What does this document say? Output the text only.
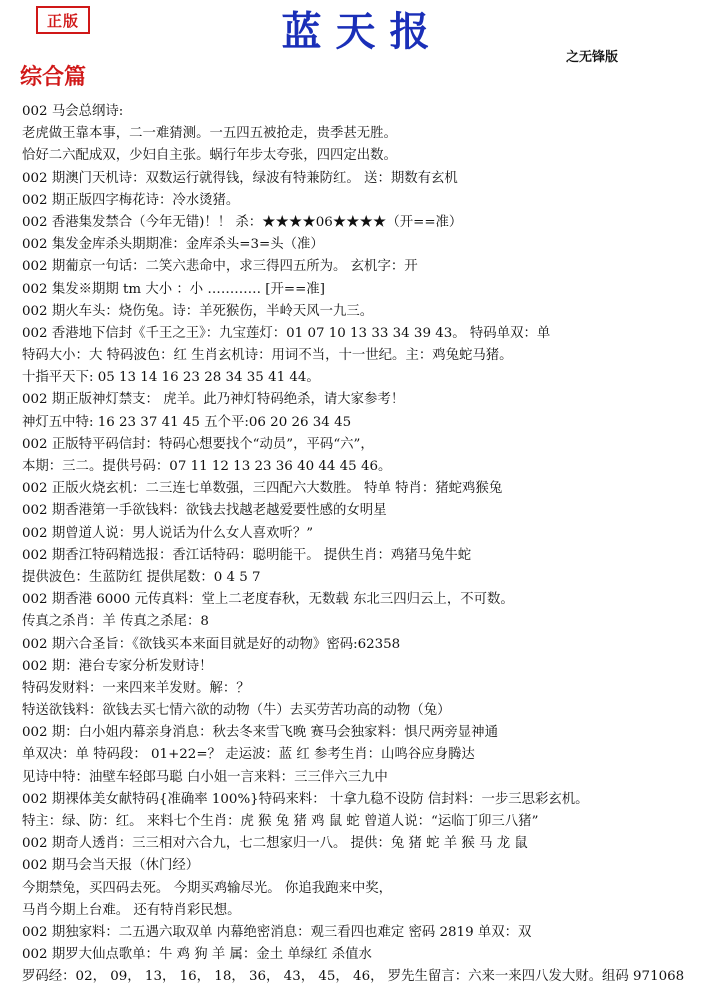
正版	蓝天报
之无锋版
综合篇
002 马会总纲诗:
老虎做王靠本事，二一难猜测。一五四五被抢走，贵季甚无胜。
恰好二六配成双，少妇自主张。蜗行年步太夸张，四四定出数。
002 期澳门天机诗：双数运行就得钱，绿波有特兼防红。 送：期数有玄机
002 期正版四字梅花诗：冷水烫猪。
002 香港集发禁合（今年无错)！！ 杀：★★★★06★★★★（开==准）
002 集发金库杀头期期准：金库杀头=3=头（准）
002 期葡京一句话：二笑六悲命中，求三得四五所为。 玄机字：开
002 集发※期期 tm 大小 ：小 ………… [开==准]
002 期火车头：烧伤兔。诗：羊死猴伤，半岭天风一九三。
002 香港地下信封《千王之王》：九宝莲灯：01 07 10 13 33 34 39 43。 特码单双：单
特码大小：大 特码波色：红 生肖玄机诗：用词不当，十一世纪。主：鸡兔蛇马猪。
十指平天下: 05 13 14 16 23 28 34 35 41 44。
002 期正版神灯禁支： 虎羊。此乃神灯特码绝杀，请大家参考！
神灯五中特: 16 23 37 41 45 五个平:06 20 26 34 45
002 正版特平码信封：特码心想要找个“动员”，平码“六”，
本期：三二。提供号码：07 11 12 13 23 36 40 44 45 46。
002 正版火烧玄机：二三连七单数强，三四配六大数胜。 特单 特肖：猪蛇鸡猴兔
002 期香港第一手欲钱料：欲钱去找越老越爱要性感的女明星
002 期曾道人说：男人说话为什么女人喜欢听？”
002 期香江特码精选报：香江话特码：聪明能干。 提供生肖：鸡猪马兔牛蛇
提供波色：生蓝防红 提供尾数：0 4 5 7
002 期香港 6000 元传真料：堂上二老度春秋，无数载 东北三四归云上，不可数。
传真之杀肖：羊 传真之杀尾：8
002 期六合圣旨：《欲钱买本来面目就是好的动物》密码:62358
002 期：港台专家分析发财诗！
特码发财料：一来四来羊发财。解：？
特送欲钱料：欲钱去买七情六欲的动物（牛）去买劳苦功高的动物（兔）
002 期：白小姐内幕亲身消息：秋去冬来雪飞晚 赛马会独家料：惧尺两旁显神通
单双决：单 特码段： 01+22=？ 走运波：蓝 红 参考生肖：山鸣谷应身腾达
见诗中特：油壁车轻郎马聪 白小姐一言来料：三三伴六三九中
002 期裸体美女献特码{准确率 100%}特码来料： 十拿九稳不设防 信封料：一步三思彩玄机。
特主：绿、防：红。 来料七个生肖：虎 猴 兔 猪 鸡 鼠 蛇 曾道人说：“运临丁卯三八猪”
002 期奇人透肖：三三相对六合九，七二想家归一八。 提供：兔 猪 蛇 羊 猴 马 龙 鼠
002 期马会当天报（休门经）
今期禁兔，买四码去死。 今期买鸡输尽光。 你追我跑来中奖，
马肖今期上台难。 还有特肖彩民想。
002 期独家料：二五遇六取双单 内幕绝密消息：观三看四也难定 密码 2819 单双：双
002 期罗大仙点歌单：牛 鸡 狗 羊 属：金土 单绿红 杀值水
罗码经：02， 09， 13， 16， 18， 36， 43， 45， 46， 罗先生留言：六来一来四八发大财。组码 971068
